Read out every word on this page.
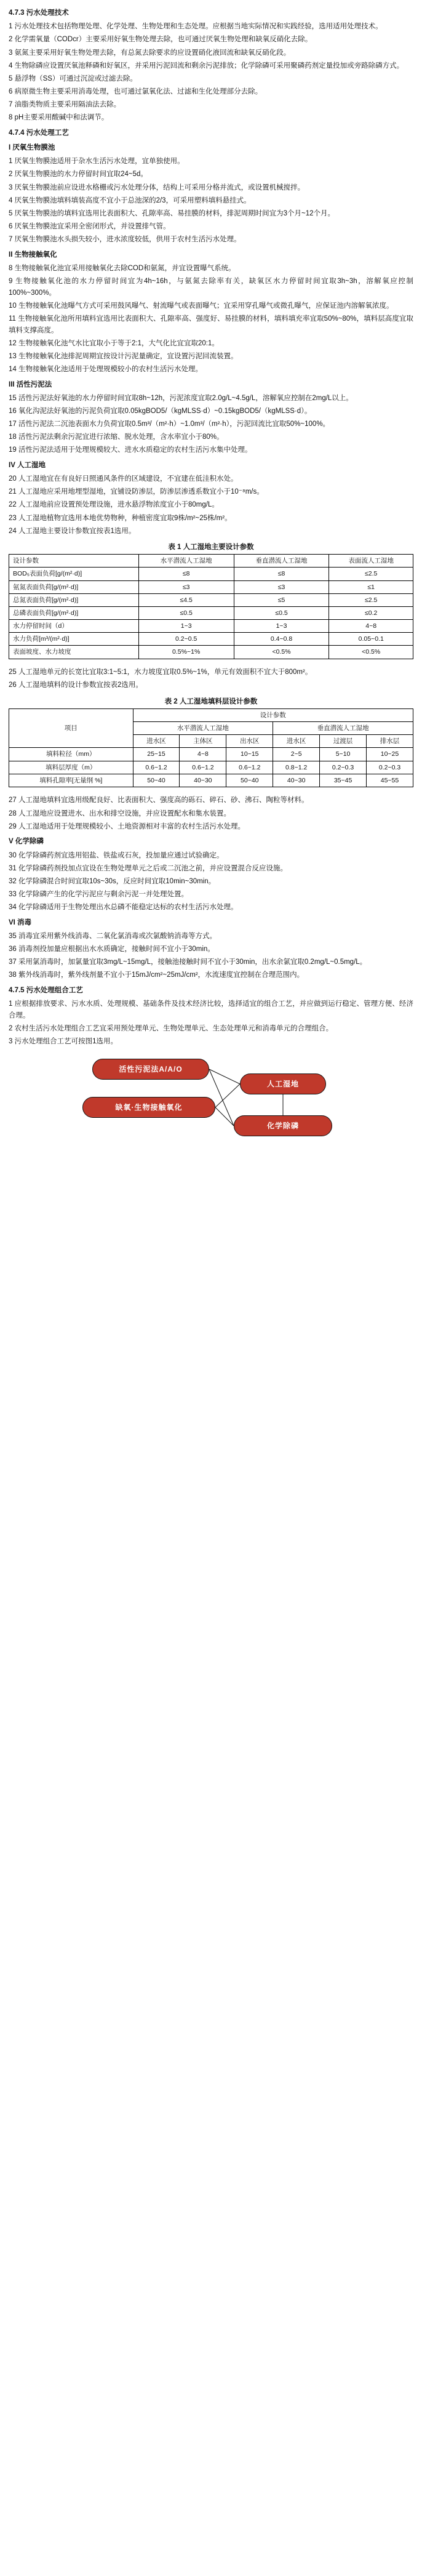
4.7.3 污水处理技术

1 污水处理技术包括物理处理、化学处理、生物处理和生态处理。应根据当地实际情况和实践经验，选用适用处理技术。

2 化学需氧量（CODcr）主要采用好氧生物处理去除，也可通过厌氧生物处理和缺氧反硝化去除。

3 氨氮主要采用好氧生物处理去除，有总氮去除要求的应设置硝化液回流和缺氧反硝化段。

4 生物除磷应设置厌氧池释磷和好氧区，并采用污泥回流和剩余污泥排放；化学除磷可采用聚磷药剂定量投加或旁路除磷方式。

5 悬浮物（SS）可通过沉淀或过滤去除。

6 病原微生物主要采用消毒处理，也可通过氯氧化法、过滤和生化处理部分去除。

7 油脂类物质主要采用隔油法去除。

8 pH主要采用酸碱中和法调节。

4.7.4 污水处理工艺
I 厌氧生物膜池

1 厌氧生物膜池适用于杂水生活污水处理，宜单独使用。

2 厌氧生物膜池的水力停留时间宜取24~5d。

3 厌氧生物膜池前应设进水格栅或污水处理分体，结构上可采用分格并流式，或设置机械搅拌。

4 厌氧生物膜池填料填装高度不宜小于总池深的2/3，可采用塑料填料悬挂式。

5 厌氧生物膜池的填料宜选用比表面积大、孔隙率高、易挂膜的材料，排泥周期时间宜为3个月~12个月。

6 厌氧生物膜池宜采用全密闭形式，并设置排气管。

7 厌氧生物膜池水头损失较小，进水浓度较低，供用于农村生活污水处理。

II 生物接触氧化

8 生物接触氧化池宜采用接触氧化去除COD和氨氮，并宜设置曝气系统。

9 生物接触氧化池的水力停留时间宜为4h~16h，与氨氮去除率有关，缺氧区水力停留时间宜取3h~3h，溶解氧应控制100%~300%。

10 生物接触氧化池曝气方式可采用鼓风曝气、射流曝气或表面曝气；宜采用穿孔曝气或微孔曝气，应保证池内溶解氧浓度。

11 生物接触氧化池所用填料宜选用比表面积大、孔隙率高、强度好、易挂膜的材料，填料填充率宜取50%~80%，填料层高度宜取填料支撑高度。

12 生物接触氧化池气水比宜取小于等于2:1，大气化比宜宜取20:1。

13 生物接触氧化池排泥周期宜按设计污泥量确定，宜设置污泥回流装置。

14 生物接触氧化池适用于处理规模较小的农村生活污水处理。

III 活性污泥法

15 活性污泥法好氧池的水力停留时间宜取8h~12h，污泥浓度宜取2.0g/L~4.5g/L，溶解氧应控制在2mg/L以上。

16 氧化沟泥法好氧池的污泥负荷宜取0.05kgBOD5/（kgMLSS·d）~0.15kgBOD5/（kgMLSS·d）。

17 活性污泥法二沉池表面水力负荷宜取0.5m³/（m²·h）~1.0m³/（m²·h），污泥回流比宜取50%~100%。

18 活性污泥法剩余污泥宜进行浓缩、脱水处理，含水率宜小于80%。

19 活性污泥法适用于处理规模较大、进水水质稳定的农村生活污水集中处理。

IV 人工湿地

20 人工湿地宜在有良好日照通风条件的区域建设，不宜建在低洼积水处。

21 人工湿地应采用地埋型湿地，宜铺设防渗层，防渗层渗透系数宜小于10⁻⁸m/s。

22 人工湿地前应设置预处理设施，进水悬浮物浓度宜小于80mg/L。

23 人工湿地植物宜选用本地优势物种，种植密度宜取9株/m²~25株/m²。

24 人工湿地主要设计参数宜按表1选用。

表 1 人工湿地主要设计参数
设计参数	水平潜流人工湿地	垂直潜流人工湿地	表面流人工湿地
BOD₅表面负荷[g/(m²·d)]	≤8	≤8	≤2.5
氨氮表面负荷[g/(m²·d)]	≤3	≤3	≤1
总氮表面负荷[g/(m²·d)]	≤4.5	≤5	≤2.5
总磷表面负荷[g/(m²·d)]	≤0.5	≤0.5	≤0.2
水力停留时间（d）	1~3	1~3	4~8
水力负荷[m³/(m²·d)]	0.2~0.5	0.4~0.8	0.05~0.1
表面坡度、水力坡度	0.5%~1%	<0.5%	<0.5%

25 人工湿地单元的长宽比宜取3:1~5:1，水力坡度宜取0.5%~1%，单元有效面积不宜大于800m²。

26 人工湿地填料的设计参数宜按表2选用。

表 2 人工湿地填料层设计参数
项目	设计参数					
	水平潜流人工湿地			垂直潜流人工湿地		
	进水区	主体区	出水区	进水区	过渡层	排水层
填料粒径（mm）	25~15	4~8	10~15	2~5	5~10	10~25
填料层厚度（m）	0.6~1.2	0.6~1.2	0.6~1.2	0.8~1.2	0.2~0.3	0.2~0.3
填料孔隙率[无量纲 %]	50~40	40~30	50~40	40~30	35~45	45~55

27 人工湿地填料宜选用级配良好、比表面积大、强度高的砾石、碎石、砂、沸石、陶粒等材料。

28 人工湿地应设置进水、出水和排空设施，并应设置配水和集水装置。

29 人工湿地适用于处理规模较小、土地资源相对丰富的农村生活污水处理。

V 化学除磷

30 化学除磷药剂宜选用铝盐、铁盐或石灰，投加量应通过试验确定。

31 化学除磷药剂投加点宜设在生物处理单元之后或二沉池之前，并应设置混合反应设施。

32 化学除磷混合时间宜取10s~30s，反应时间宜取10min~30min。

33 化学除磷产生的化学污泥应与剩余污泥一并处理处置。

34 化学除磷适用于生物处理出水总磷不能稳定达标的农村生活污水处理。

VI 消毒

35 消毒宜采用紫外线消毒、二氧化氯消毒或次氯酸钠消毒等方式。

36 消毒剂投加量应根据出水水质确定，接触时间不宜小于30min。

37 采用氯消毒时，加氯量宜取3mg/L~15mg/L，接触池接触时间不宜小于30min，出水余氯宜取0.2mg/L~0.5mg/L。

38 紫外线消毒时，紫外线剂量不宜小于15mJ/cm²~25mJ/cm²，水流速度宜控制在合理范围内。

4.7.5 污水处理组合工艺

1 应根据排放要求、污水水质、处理规模、基础条件及技术经济比较，选择适宜的组合工艺，并应做到运行稳定、管理方便、经济合理。

2 农村生活污水处理组合工艺宜采用预处理单元、生物处理单元、生态处理单元和消毒单元的合理组合。

3 污水处理组合工艺可按图1选用。

活性污泥法A/A/O
人工湿地
缺氧·生物接触氧化
化学除磷
